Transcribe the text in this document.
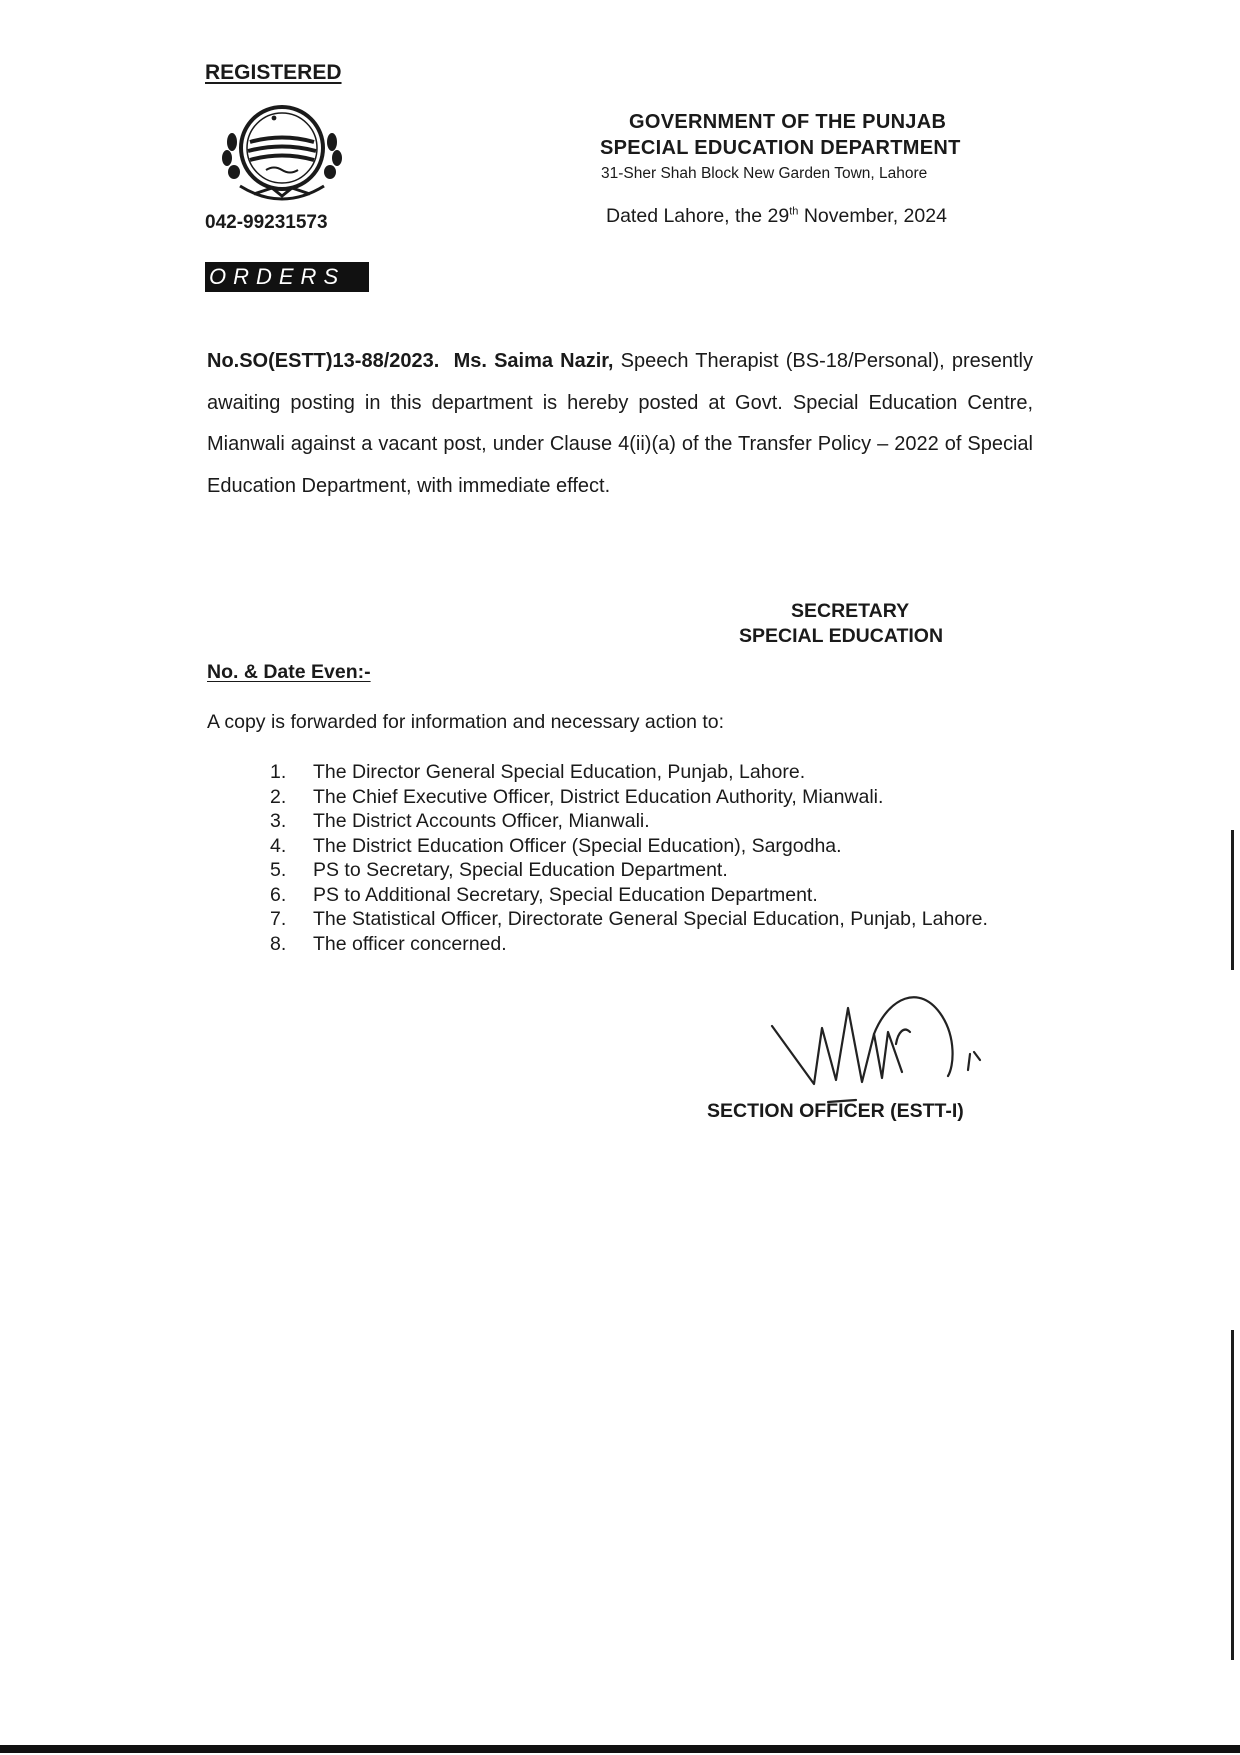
REGISTERED
042-99231573
ORDERS
GOVERNMENT OF THE PUNJAB
SPECIAL EDUCATION DEPARTMENT
31-Sher Shah Block New Garden Town, Lahore
Dated Lahore, the 29th November, 2024
No.SO(ESTT)13-88/2023. Ms. Saima Nazir, Speech Therapist (BS-18/Personal), presently awaiting posting in this department is hereby posted at Govt. Special Education Centre, Mianwali against a vacant post, under Clause 4(ii)(a) of the Transfer Policy – 2022 of Special Education Department, with immediate effect.
SECRETARY
SPECIAL EDUCATION
No. & Date Even:-
A copy is forwarded for information and necessary action to:
1. The Director General Special Education, Punjab, Lahore.
2. The Chief Executive Officer, District Education Authority, Mianwali.
3. The District Accounts Officer, Mianwali.
4. The District Education Officer (Special Education), Sargodha.
5. PS to Secretary, Special Education Department.
6. PS to Additional Secretary, Special Education Department.
7. The Statistical Officer, Directorate General Special Education, Punjab, Lahore.
8. The officer concerned.
SECTION OFFICER (ESTT-I)
